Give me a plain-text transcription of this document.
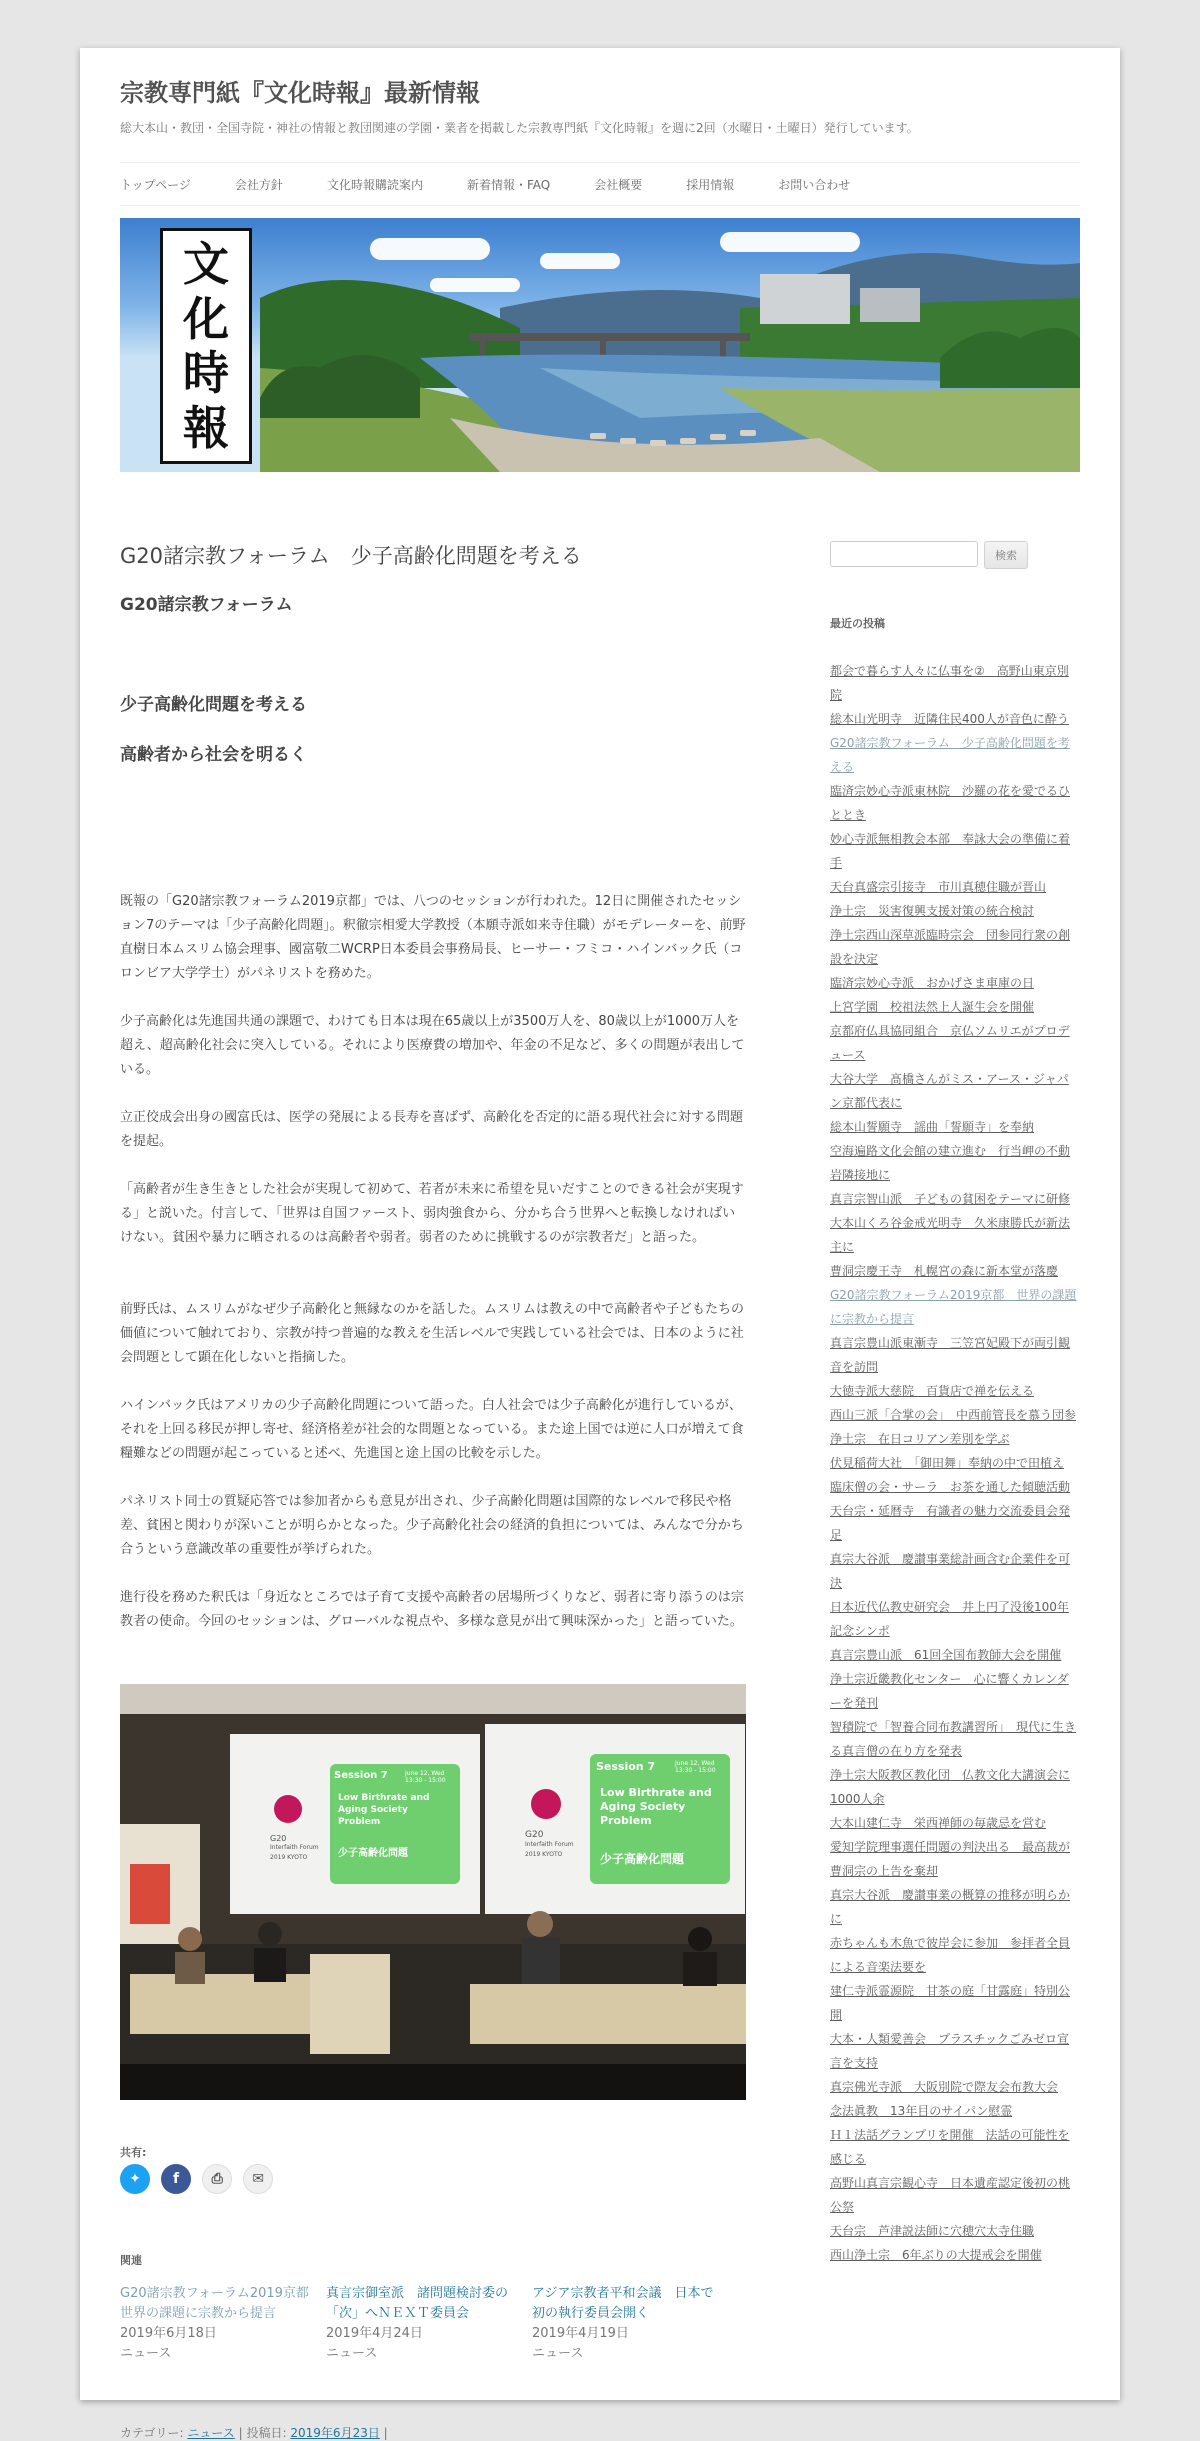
宗教専門紙『文化時報』最新情報
総大本山・教団・全国寺院・神社の情報と教団関連の学園・業者を掲載した宗教専門紙『文化時報』を週に2回（水曜日・土曜日）発行しています。
トップページ	会社方針	文化時報購読案内	新着情報・FAQ	会社概要	採用情報	お問い合わせ
文
化
時
報
G20諸宗教フォーラム　少子高齢化問題を考える
G20諸宗教フォーラム
少子高齢化問題を考える
高齢者から社会を明るく

既報の「G20諸宗教フォーラム2019京都」では、八つのセッションが行われた。12日に開催されたセッション7のテーマは「少子高齢化問題」。釈徹宗相愛大学教授（本願寺派如来寺住職）がモデレーターを、前野直樹日本ムスリム協会理事、國富敬二WCRP日本委員会事務局長、ヒーサー・フミコ・ハインバック氏（コロンビア大学学士）がパネリストを務めた。

少子高齢化は先進国共通の課題で、わけても日本は現在65歳以上が3500万人を、80歳以上が1000万人を超え、超高齢化社会に突入している。それにより医療費の増加や、年金の不足など、多くの問題が表出している。

立正佼成会出身の國富氏は、医学の発展による長寿を喜ばず、高齢化を否定的に語る現代社会に対する問題を提起。

「高齢者が生き生きとした社会が実現して初めて、若者が未来に希望を見いだすことのできる社会が実現する」と説いた。付言して、「世界は自国ファースト、弱肉強食から、分かち合う世界へと転換しなければいけない。貧困や暴力に晒されるのは高齢者や弱者。弱者のために挑戦するのが宗教者だ」と語った。

前野氏は、ムスリムがなぜ少子高齢化と無縁なのかを話した。ムスリムは教えの中で高齢者や子どもたちの価値について触れており、宗教が持つ普遍的な教えを生活レベルで実践している社会では、日本のように社会問題として顕在化しないと指摘した。

ハインバック氏はアメリカの少子高齢化問題について語った。白人社会では少子高齢化が進行しているが、それを上回る移民が押し寄せ、経済格差が社会的な問題となっている。また途上国では逆に人口が増えて食糧難などの問題が起こっていると述べ、先進国と途上国の比較を示した。

パネリスト同士の質疑応答では参加者からも意見が出され、少子高齢化問題は国際的なレベルで移民や格差、貧困と関わりが深いことが明らかとなった。少子高齢化社会の経済的負担については、みんなで分かち合うという意識改革の重要性が挙げられた。

進行役を務めた釈氏は「身近なところでは子育て支援や高齢者の居場所づくりなど、弱者に寄り添うのは宗教者の使命。今回のセッションは、グローバルな視点や、多様な意見が出て興味深かった」と語っていた。

Session 7	June 12, Wed 13:30 - 15:00
Low Birthrate and Aging Society Problem
少子高齢化問題
Session 7	June 12, Wed 13:30 - 15:00
Low Birthrate and Aging Society Problem
少子高齢化問題
G20
Interfaith Forum
2019 KYOTO
G20
Interfaith Forum
2019 KYOTO
共有:
✦
f
⎙
✉
関連
G20諸宗教フォーラム2019京都　世界の課題に宗教から提言
2019年6月18日
ニュース
真言宗御室派　諸問題検討委の「次」へＮＥＸＴ委員会
2019年4月24日
ニュース
アジア宗教者平和会議　日本で初の執行委員会開く
2019年4月19日
ニュース
カテゴリー: ニュース | 投稿日: 2019年6月23日 |
検索
最近の投稿
都会で暮らす人々に仏事を②　高野山東京別院
総本山光明寺　近隣住民400人が音色に酔う
G20諸宗教フォーラム　少子高齢化問題を考える
臨済宗妙心寺派東林院　沙羅の花を愛でるひととき
妙心寺派無相教会本部　奉詠大会の準備に着手
天台真盛宗引接寺　市川真穂住職が晋山
浄土宗　災害復興支援対策の統合検討
浄土宗西山深草派臨時宗会　団参同行衆の創設を決定
臨済宗妙心寺派　おかげさま車庫の日
上宮学園　校祖法然上人誕生会を開催
京都府仏具協同組合　京仏ソムリエがプロデュース
大谷大学　髙橋さんがミス・アース・ジャパン京都代表に
総本山誓願寺　謡曲「誓願寺」を奉納
空海遍路文化会館の建立進む　行当岬の不動岩隣接地に
真言宗智山派　子どもの貧困をテーマに研修
大本山くろ谷金戒光明寺　久米康勝氏が新法主に
曹洞宗慶王寺　札幌宮の森に新本堂が落慶
G20諸宗教フォーラム2019京都　世界の課題に宗教から提言
真言宗豊山派東漸寺　三笠宮妃殿下が両引観音を訪問
大徳寺派大慈院　百貨店で禅を伝える
西山三派「合掌の会」　中西前管長を慕う団参
浄土宗　在日コリアン差別を学ぶ
伏見稲荷大社　「御田舞」奉納の中で田植え
臨床僧の会・サーラ　お茶を通した傾聴活動
天台宗・延暦寺　有識者の魅力交流委員会発足
真宗大谷派　慶讃事業総計画含む企業件を可決
日本近代仏教史研究会　井上円了没後100年記念シンポ
真言宗豊山派　61回全国布教師大会を開催
浄土宗近畿教化センター　心に響くカレンダーを発刊
智積院で「智養合同布教講習所」　現代に生きる真言僧の在り方を発表
浄土宗大阪教区教化団　仏教文化大講演会に1000人余
大本山建仁寺　栄西禅師の毎歳忌を営む
愛知学院理事選任問題の判決出る　最高裁が曹洞宗の上告を棄却
真宗大谷派　慶讃事業の概算の推移が明らかに
赤ちゃんも木魚で彼岸会に参加　参拝者全員による音楽法要を
建仁寺派霊源院　甘茶の庭「甘露庭」特別公開
大本・人類愛善会　プラスチックごみゼロ宣言を支持
真宗佛光寺派　大阪別院で際友会布教大会
念法眞教　13年目のサイパン慰霊
Ｈ１法話グランプリを開催　法話の可能性を感じる
高野山真言宗観心寺　日本遺産認定後初の桃公祭
天台宗　芦津説法師に穴穂穴太寺住職
西山浄土宗　6年ぶりの大提戒会を開催
